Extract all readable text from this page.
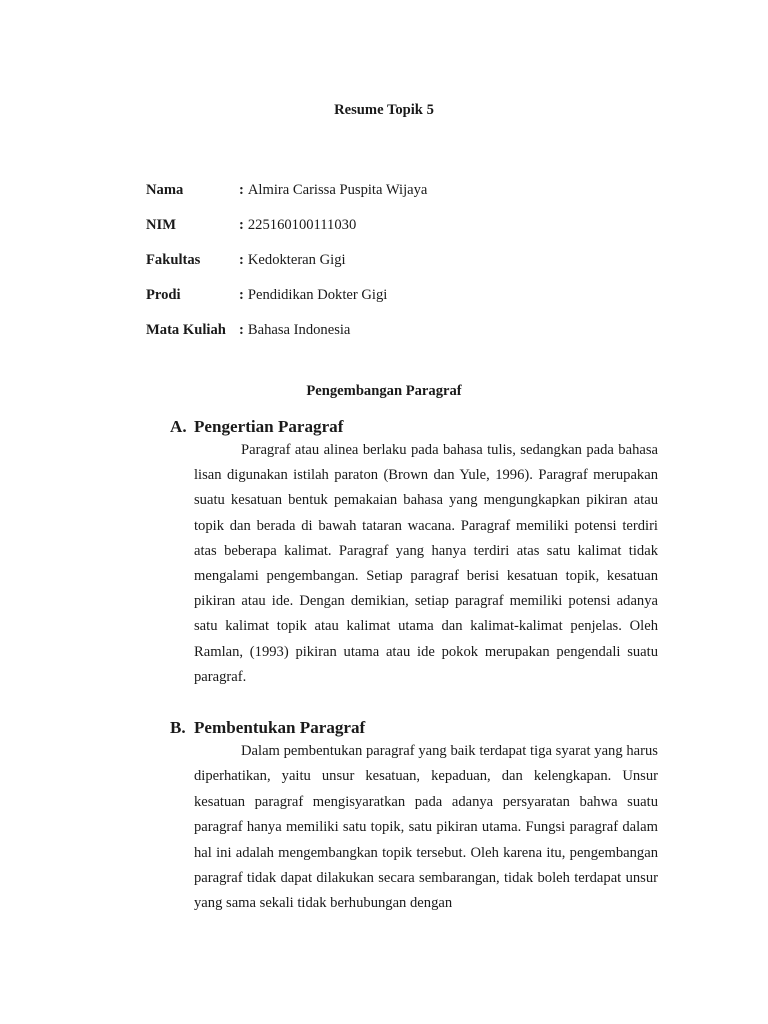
Resume Topik 5
Nama	: Almira Carissa Puspita Wijaya
NIM	: 225160100111030
Fakultas	: Kedokteran Gigi
Prodi	: Pendidikan Dokter Gigi
Mata Kuliah : Bahasa Indonesia
Pengembangan Paragraf
A. Pengertian Paragraf

Paragraf atau alinea berlaku pada bahasa tulis, sedangkan pada bahasa lisan digunakan istilah paraton (Brown dan Yule, 1996). Paragraf merupakan suatu kesatuan bentuk pemakaian bahasa yang mengungkapkan pikiran atau topik dan berada di bawah tataran wacana. Paragraf memiliki potensi terdiri atas beberapa kalimat. Paragraf yang hanya terdiri atas satu kalimat tidak mengalami pengembangan. Setiap paragraf berisi kesatuan topik, kesatuan pikiran atau ide. Dengan demikian, setiap paragraf memiliki potensi adanya satu kalimat topik atau kalimat utama dan kalimat-kalimat penjelas. Oleh Ramlan, (1993) pikiran utama atau ide pokok merupakan pengendali suatu paragraf.

B. Pembentukan Paragraf

Dalam pembentukan paragraf yang baik terdapat tiga syarat yang harus diperhatikan, yaitu unsur kesatuan, kepaduan, dan kelengkapan. Unsur kesatuan paragraf mengisyaratkan pada adanya persyaratan bahwa suatu paragraf hanya memiliki satu topik, satu pikiran utama. Fungsi paragraf dalam hal ini adalah mengembangkan topik tersebut. Oleh karena itu, pengembangan paragraf tidak dapat dilakukan secara sembarangan, tidak boleh terdapat unsur yang sama sekali tidak berhubungan dengan
